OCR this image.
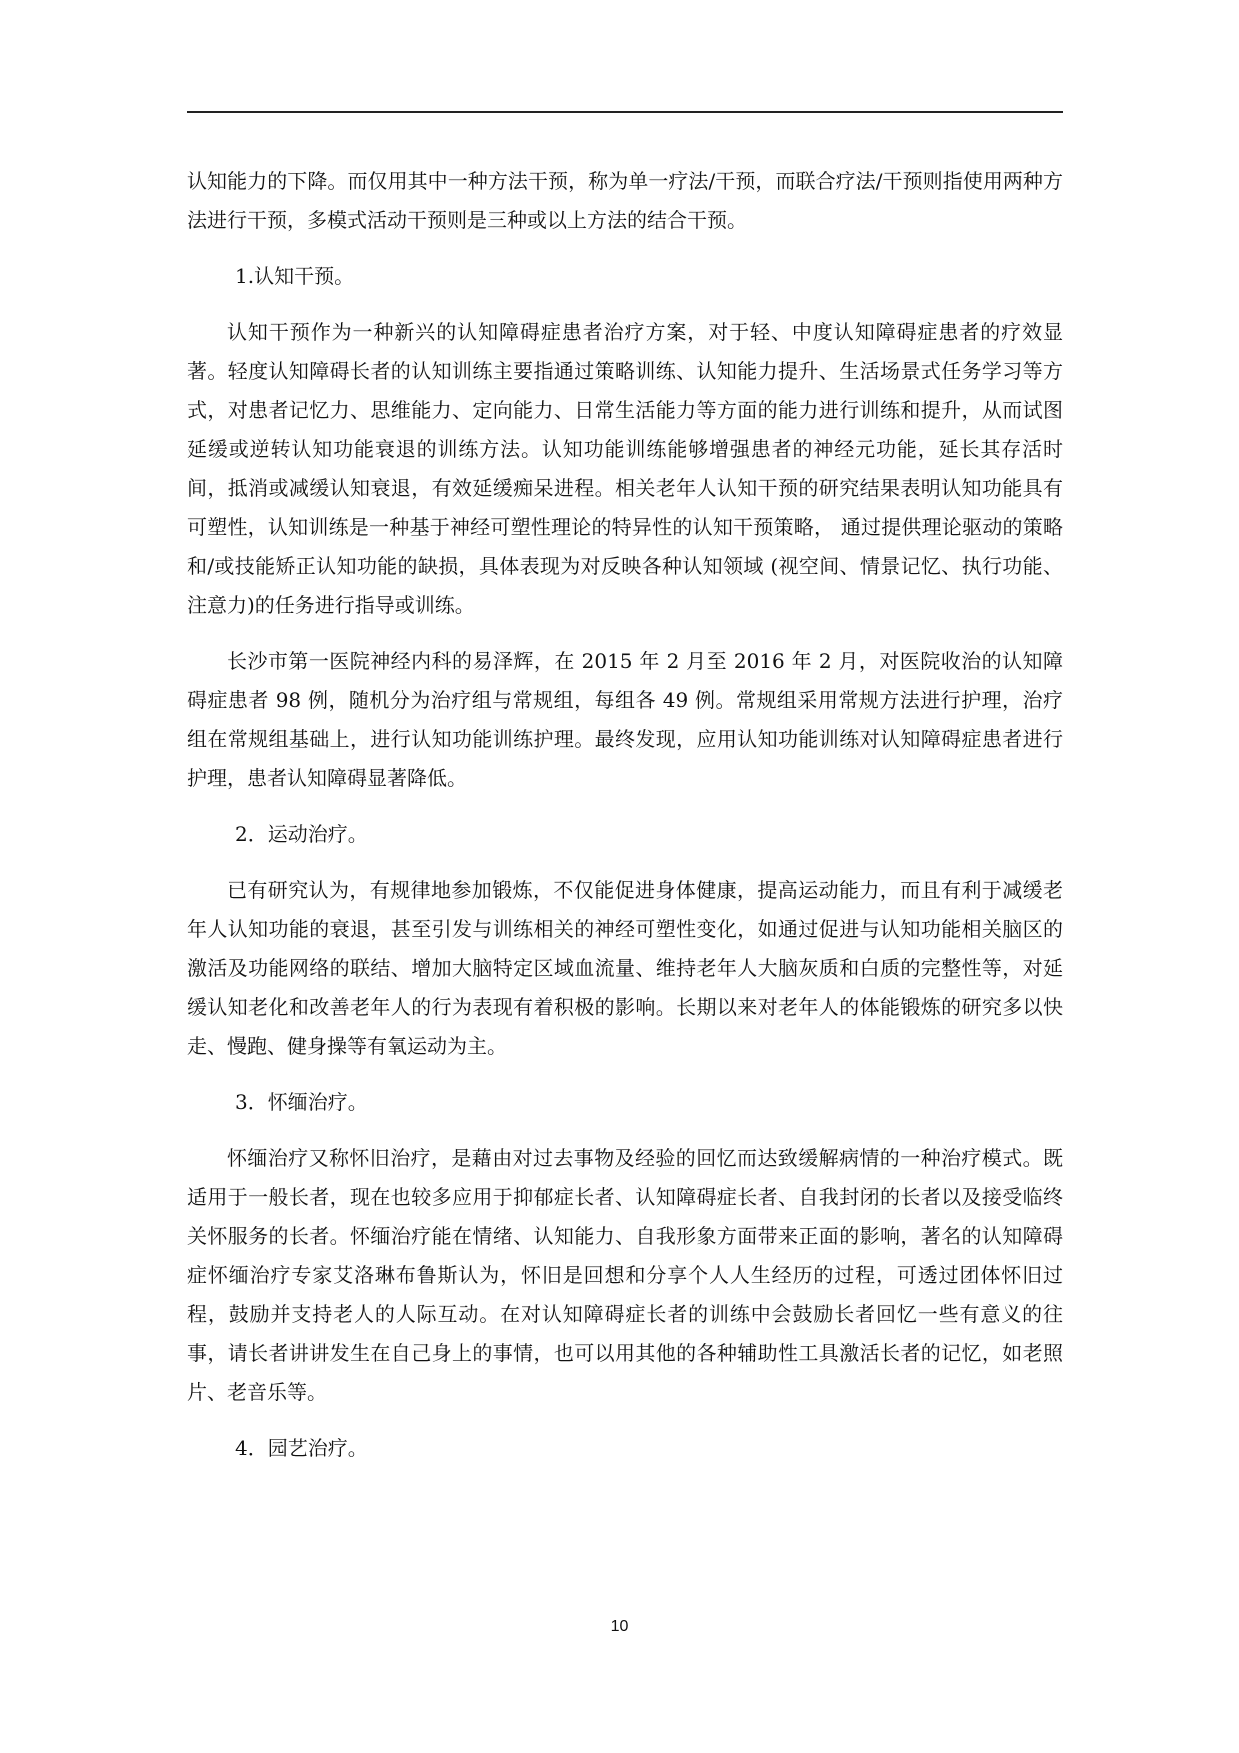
认知能力的下降。而仅用其中一种方法干预，称为单一疗法/干预，而联合疗法/干预则指使用两种方法进行干预，多模式活动干预则是三种或以上方法的结合干预。

1.认知干预。

认知干预作为一种新兴的认知障碍症患者治疗方案，对于轻、中度认知障碍症患者的疗效显著。轻度认知障碍长者的认知训练主要指通过策略训练、认知能力提升、生活场景式任务学习等方式，对患者记忆力、思维能力、定向能力、日常生活能力等方面的能力进行训练和提升，从而试图延缓或逆转认知功能衰退的训练方法。认知功能训练能够增强患者的神经元功能，延长其存活时间，抵消或减缓认知衰退，有效延缓痴呆进程。相关老年人认知干预的研究结果表明认知功能具有可塑性，认知训练是一种基于神经可塑性理论的特异性的认知干预策略， 通过提供理论驱动的策略和/或技能矫正认知功能的缺损，具体表现为对反映各种认知领域 (视空间、情景记忆、执行功能、注意力)的任务进行指导或训练。

长沙市第一医院神经内科的易泽辉，在 2015 年 2 月至 2016 年 2 月，对医院收治的认知障碍症患者 98 例，随机分为治疗组与常规组，每组各 49 例。常规组采用常规方法进行护理，治疗组在常规组基础上，进行认知功能训练护理。最终发现，应用认知功能训练对认知障碍症患者进行护理，患者认知障碍显著降低。

2．运动治疗。

已有研究认为，有规律地参加锻炼，不仅能促进身体健康，提高运动能力，而且有利于减缓老年人认知功能的衰退，甚至引发与训练相关的神经可塑性变化，如通过促进与认知功能相关脑区的激活及功能网络的联结、增加大脑特定区域血流量、维持老年人大脑灰质和白质的完整性等，对延缓认知老化和改善老年人的行为表现有着积极的影响。长期以来对老年人的体能锻炼的研究多以快走、慢跑、健身操等有氧运动为主。

3．怀缅治疗。

怀缅治疗又称怀旧治疗，是藉由对过去事物及经验的回忆而达致缓解病情的一种治疗模式。既适用于一般长者，现在也较多应用于抑郁症长者、认知障碍症长者、自我封闭的长者以及接受临终关怀服务的长者。怀缅治疗能在情绪、认知能力、自我形象方面带来正面的影响，著名的认知障碍症怀缅治疗专家艾洛琳布鲁斯认为，怀旧是回想和分享个人人生经历的过程，可透过团体怀旧过程，鼓励并支持老人的人际互动。在对认知障碍症长者的训练中会鼓励长者回忆一些有意义的往事，请长者讲讲发生在自己身上的事情，也可以用其他的各种辅助性工具激活长者的记忆，如老照片、老音乐等。

4．园艺治疗。

10
